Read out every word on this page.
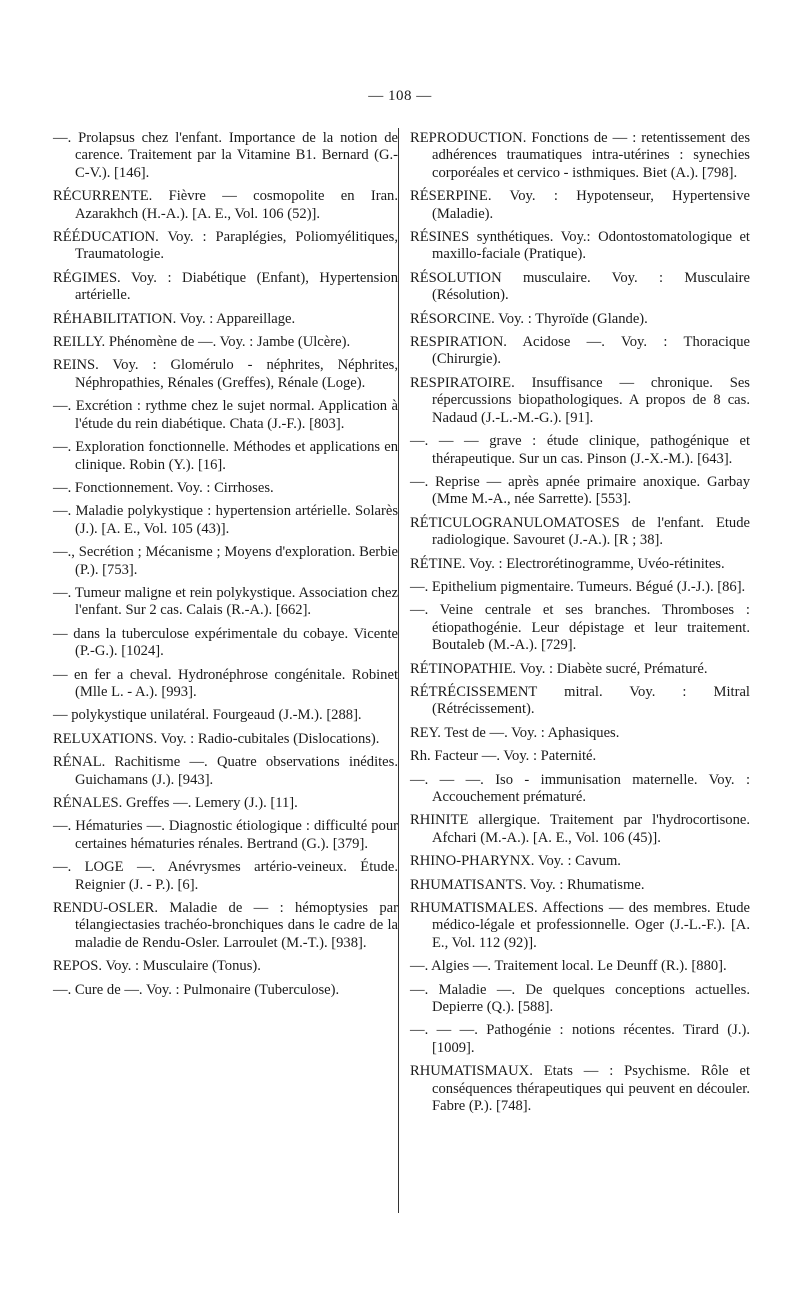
— 108 —

—. Prolapsus chez l'enfant. Importance de la notion de carence. Traitement par la Vitamine B1. Bernard (G.-C-V.). [146].

RÉCURRENTE. Fièvre — cosmopolite en Iran. Azarakhch (H.-A.). [A. E., Vol. 106 (52)].

RÉÉDUCATION. Voy. : Paraplégies, Poliomyélitiques, Traumatologie.

RÉGIMES. Voy. : Diabétique (Enfant), Hypertension artérielle.

RÉHABILITATION. Voy. : Appareillage.

REILLY. Phénomène de —. Voy. : Jambe (Ulcère).

REINS. Voy. : Glomérulo - néphrites, Néphrites, Néphropathies, Rénales (Greffes), Rénale (Loge).

—. Excrétion : rythme chez le sujet normal. Application à l'étude du rein diabétique. Chata (J.-F.). [803].

—. Exploration fonctionnelle. Méthodes et applications en clinique. Robin (Y.). [16].

—. Fonctionnement. Voy. : Cirrhoses.

—. Maladie polykystique : hypertension artérielle. Solarès (J.). [A. E., Vol. 105 (43)].

—., Secrétion ; Mécanisme ; Moyens d'exploration. Berbie (P.). [753].

—. Tumeur maligne et rein polykystique. Association chez l'enfant. Sur 2 cas. Calais (R.-A.). [662].

— dans la tuberculose expérimentale du cobaye. Vicente (P.-G.). [1024].

— en fer a cheval. Hydronéphrose congénitale. Robinet (Mlle L. - A.). [993].

— polykystique unilatéral. Fourgeaud (J.-M.). [288].

RELUXATIONS. Voy. : Radio-cubitales (Dislocations).

RÉNAL. Rachitisme —. Quatre observations inédites. Guichamans (J.). [943].

RÉNALES. Greffes —. Lemery (J.). [11].

—. Hématuries —. Diagnostic étiologique : difficulté pour certaines hématuries rénales. Bertrand (G.). [379].

—. LOGE —. Anévrysmes artério-veineux. Étude. Reignier (J. - P.). [6].

RENDU-OSLER. Maladie de — : hémoptysies par télangiectasies trachéo-bronchiques dans le cadre de la maladie de Rendu-Osler. Larroulet (M.-T.). [938].

REPOS. Voy. : Musculaire (Tonus).

—. Cure de —. Voy. : Pulmonaire (Tuberculose).

REPRODUCTION. Fonctions de — : retentissement des adhérences traumatiques intra-utérines : synechies corporéales et cervico - isthmiques. Biet (A.). [798].

RÉSERPINE. Voy. : Hypotenseur, Hypertensive (Maladie).

RÉSINES synthétiques. Voy.: Odontostomatologique et maxillo-faciale (Pratique).

RÉSOLUTION musculaire. Voy. : Musculaire (Résolution).

RÉSORCINE. Voy. : Thyroïde (Glande).

RESPIRATION. Acidose —. Voy. : Thoracique (Chirurgie).

RESPIRATOIRE. Insuffisance — chronique. Ses répercussions biopathologiques. A propos de 8 cas. Nadaud (J.-L.-M.-G.). [91].

—. — — grave : étude clinique, pathogénique et thérapeutique. Sur un cas. Pinson (J.-X.-M.). [643].

—. Reprise — après apnée primaire anoxique. Garbay (Mme M.-A., née Sarrette). [553].

RÉTICULOGRANULOMATOSES de l'enfant. Etude radiologique. Savouret (J.-A.). [R ; 38].

RÉTINE. Voy. : Electrorétinogramme, Uvéo-rétinites.

—. Epithelium pigmentaire. Tumeurs. Bégué (J.-J.). [86].

—. Veine centrale et ses branches. Thromboses : étiopathogénie. Leur dépistage et leur traitement. Boutaleb (M.-A.). [729].

RÉTINOPATHIE. Voy. : Diabète sucré, Prématuré.

RÉTRÉCISSEMENT mitral. Voy. : Mitral (Rétrécissement).

REY. Test de —. Voy. : Aphasiques.

Rh. Facteur —. Voy. : Paternité.

—. — —. Iso - immunisation maternelle. Voy. : Accouchement prématuré.

RHINITE allergique. Traitement par l'hydrocortisone. Afchari (M.-A.). [A. E., Vol. 106 (45)].

RHINO-PHARYNX. Voy. : Cavum.

RHUMATISANTS. Voy. : Rhumatisme.

RHUMATISMALES. Affections — des membres. Etude médico-légale et professionnelle. Oger (J.-L.-F.). [A. E., Vol. 112 (92)].

—. Algies —. Traitement local. Le Deunff (R.). [880].

—. Maladie —. De quelques conceptions actuelles. Depierre (Q.). [588].

—. — —. Pathogénie : notions récentes. Tirard (J.). [1009].

RHUMATISMAUX. Etats — : Psychisme. Rôle et conséquences thérapeutiques qui peuvent en découler. Fabre (P.). [748].
